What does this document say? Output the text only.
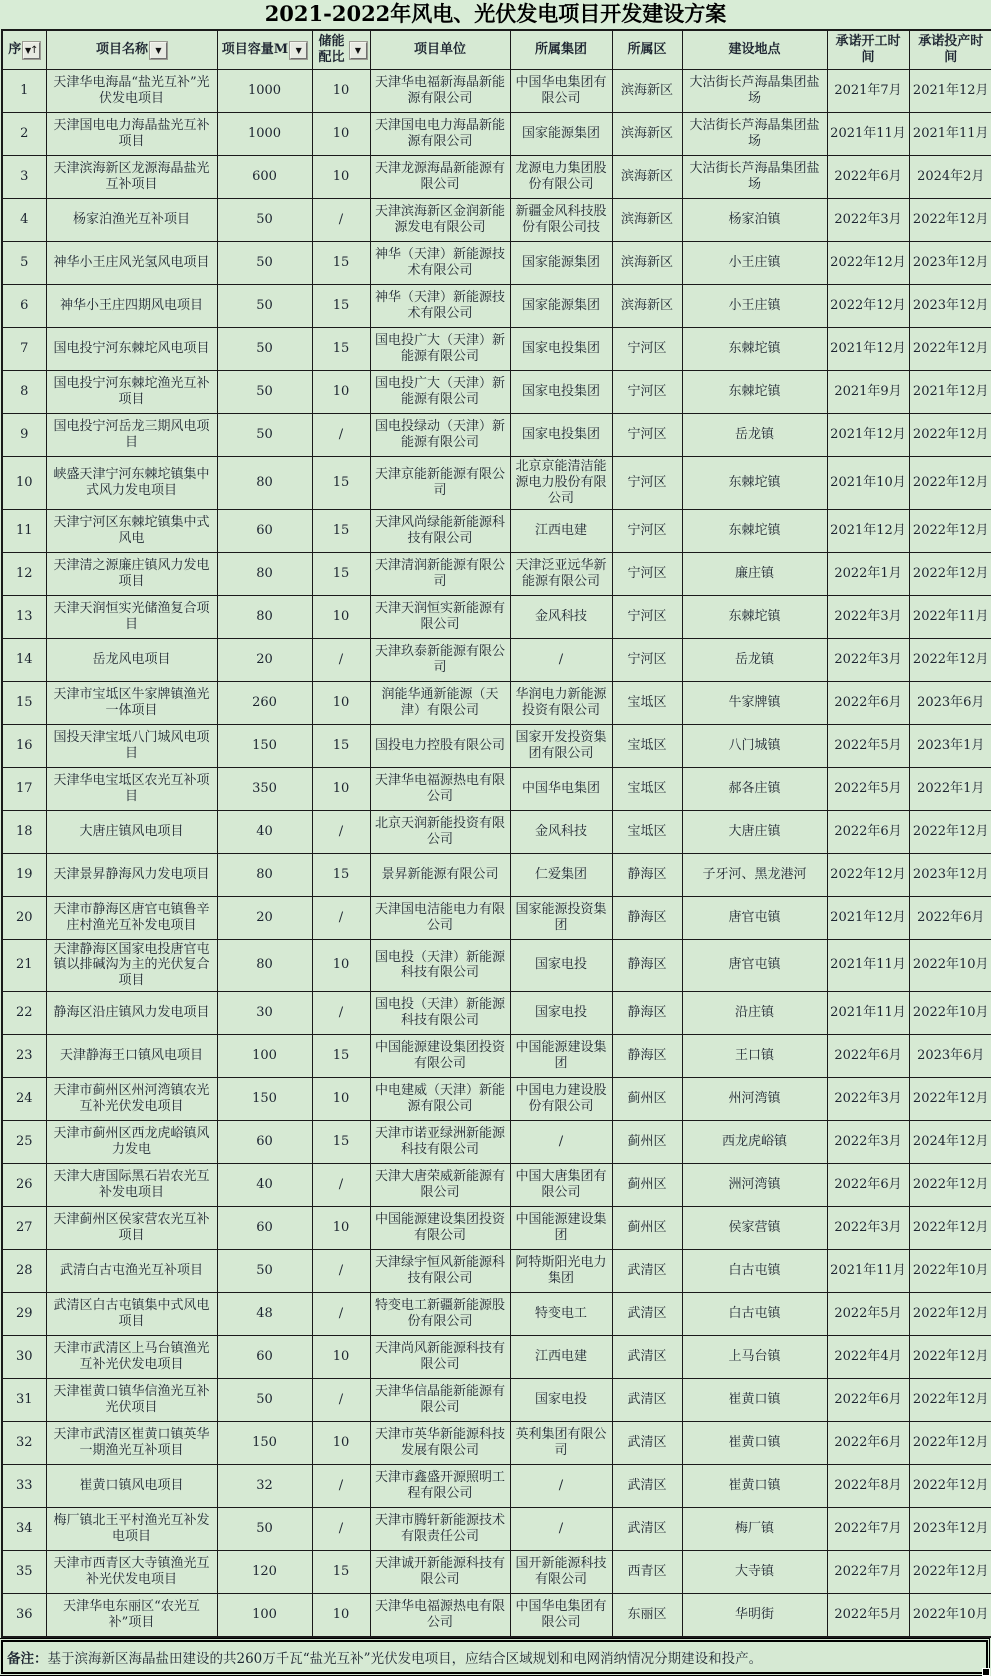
2021-2022年风电、光伏发电项目开发建设方案
序 ▼ ↑	项目名称 ▼	项目容量M ▼	储能配比 ▼	项目单位	所属集团	所属区	建设地点	承诺开工时间	承诺投产时间

1	天津华电海晶“盐光互补”光伏发电项目	1000	10	天津华电福新海晶新能源有限公司	中国华电集团有限公司	滨海新区	大沽街长芦海晶集团盐场	2021年7月	2021年12月
2	天津国电电力海晶盐光互补项目	1000	10	天津国电电力海晶新能源有限公司	国家能源集团	滨海新区	大沽街长芦海晶集团盐场	2021年11月	2021年11月
3	天津滨海新区龙源海晶盐光互补项目	600	10	天津龙源海晶新能源有限公司	龙源电力集团股份有限公司	滨海新区	大沽街长芦海晶集团盐场	2022年6月	2024年2月
4	杨家泊渔光互补项目	50	/	天津滨海新区金润新能源发电有限公司	新疆金风科技股份有限公司技	滨海新区	杨家泊镇	2022年3月	2022年12月
5	神华小王庄风光氢风电项目	50	15	神华（天津）新能源技术有限公司	国家能源集团	滨海新区	小王庄镇	2022年12月	2023年12月
6	神华小王庄四期风电项目	50	15	神华（天津）新能源技术有限公司	国家能源集团	滨海新区	小王庄镇	2022年12月	2023年12月
7	国电投宁河东棘坨风电项目	50	15	国电投广大（天津）新能源有限公司	国家电投集团	宁河区	东棘坨镇	2021年12月	2022年12月
8	国电投宁河东棘坨渔光互补项目	50	10	国电投广大（天津）新能源有限公司	国家电投集团	宁河区	东棘坨镇	2021年9月	2021年12月
9	国电投宁河岳龙三期风电项目	50	/	国电投绿动（天津）新能源有限公司	国家电投集团	宁河区	岳龙镇	2021年12月	2022年12月
10	峡盛天津宁河东棘坨镇集中式风力发电项目	80	15	天津京能新能源有限公司	北京京能清洁能源电力股份有限公司	宁河区	东棘坨镇	2021年10月	2022年12月
11	天津宁河区东棘坨镇集中式风电	60	15	天津风尚绿能新能源科技有限公司	江西电建	宁河区	东棘坨镇	2021年12月	2022年12月
12	天津清之源廉庄镇风力发电项目	80	15	天津清润新能源有限公司	天津泛亚远华新能源有限公司	宁河区	廉庄镇	2022年1月	2022年12月
13	天津天润恒实光储渔复合项目	80	10	天津天润恒实新能源有限公司	金风科技	宁河区	东棘坨镇	2022年3月	2022年11月
14	岳龙风电项目	20	/	天津玖泰新能源有限公司	/	宁河区	岳龙镇	2022年3月	2022年12月
15	天津市宝坻区牛家牌镇渔光一体项目	260	10	润能华通新能源（天津）有限公司	华润电力新能源投资有限公司	宝坻区	牛家牌镇	2022年6月	2023年6月
16	国投天津宝坻八门城风电项目	150	15	国投电力控股有限公司	国家开发投资集团有限公司	宝坻区	八门城镇	2022年5月	2023年1月
17	天津华电宝坻区农光互补项目	350	10	天津华电福源热电有限公司	中国华电集团	宝坻区	郝各庄镇	2022年5月	2022年1月
18	大唐庄镇风电项目	40	/	北京天润新能投资有限公司	金风科技	宝坻区	大唐庄镇	2022年6月	2022年12月
19	天津景昇静海风力发电项目	80	15	景昇新能源有限公司	仁爱集团	静海区	子牙河、黑龙港河	2022年12月	2023年12月
20	天津市静海区唐官屯镇鲁辛庄村渔光互补发电项目	20	/	天津国电洁能电力有限公司	国家能源投资集团	静海区	唐官屯镇	2021年12月	2022年6月
21	天津静海区国家电投唐官屯镇以排碱沟为主的光伏复合项目	80	10	国电投（天津）新能源科技有限公司	国家电投	静海区	唐官屯镇	2021年11月	2022年10月
22	静海区沿庄镇风力发电项目	30	/	国电投（天津）新能源科技有限公司	国家电投	静海区	沿庄镇	2021年11月	2022年10月
23	天津静海王口镇风电项目	100	15	中国能源建设集团投资有限公司	中国能源建设集团	静海区	王口镇	2022年6月	2023年6月
24	天津市蓟州区州河湾镇农光互补光伏发电项目	150	10	中电建威（天津）新能源有限公司	中国电力建设股份有限公司	蓟州区	州河湾镇	2022年3月	2022年12月
25	天津市蓟州区西龙虎峪镇风力发电	60	15	天津市诺亚绿洲新能源科技有限公司	/	蓟州区	西龙虎峪镇	2022年3月	2024年12月
26	天津大唐国际黑石岩农光互补发电项目	40	/	天津大唐荣威新能源有限公司	中国大唐集团有限公司	蓟州区	洲河湾镇	2022年6月	2022年12月
27	天津蓟州区侯家营农光互补项目	60	10	中国能源建设集团投资有限公司	中国能源建设集团	蓟州区	侯家营镇	2022年3月	2022年12月
28	武清白古屯渔光互补项目	50	/	天津绿宇恒风新能源科技有限公司	阿特斯阳光电力集团	武清区	白古屯镇	2021年11月	2022年10月
29	武清区白古屯镇集中式风电项目	48	/	特变电工新疆新能源股份有限公司	特变电工	武清区	白古屯镇	2022年5月	2022年12月
30	天津市武清区上马台镇渔光互补光伏发电项目	60	10	天津尚风新能源科技有限公司	江西电建	武清区	上马台镇	2022年4月	2022年12月
31	天津崔黄口镇华信渔光互补光伏项目	50	/	天津华信晶能新能源有限公司	国家电投	武清区	崔黄口镇	2022年6月	2022年12月
32	天津市武清区崔黄口镇英华一期渔光互补项目	150	10	天津市英华新能源科技发展有限公司	英利集团有限公司	武清区	崔黄口镇	2022年6月	2022年12月
33	崔黄口镇风电项目	32	/	天津市鑫盛开源照明工程有限公司	/	武清区	崔黄口镇	2022年8月	2022年12月
34	梅厂镇北王平村渔光互补发电项目	50	/	天津市腾轩新能源技术有限责任公司	/	武清区	梅厂镇	2022年7月	2023年12月
35	天津市西青区大寺镇渔光互补光伏发电项目	120	15	天津诚开新能源科技有限公司	国开新能源科技有限公司	西青区	大寺镇	2022年7月	2022年12月
36	天津华电东丽区“农光互补”项目	100	10	天津华电福源热电有限公司	中国华电集团有限公司	东丽区	华明街	2022年5月	2022年10月
备注： 基于滨海新区海晶盐田建设的共260万千瓦“盐光互补”光伏发电项目，应结合区域规划和电网消纳情况分期建设和投产。
